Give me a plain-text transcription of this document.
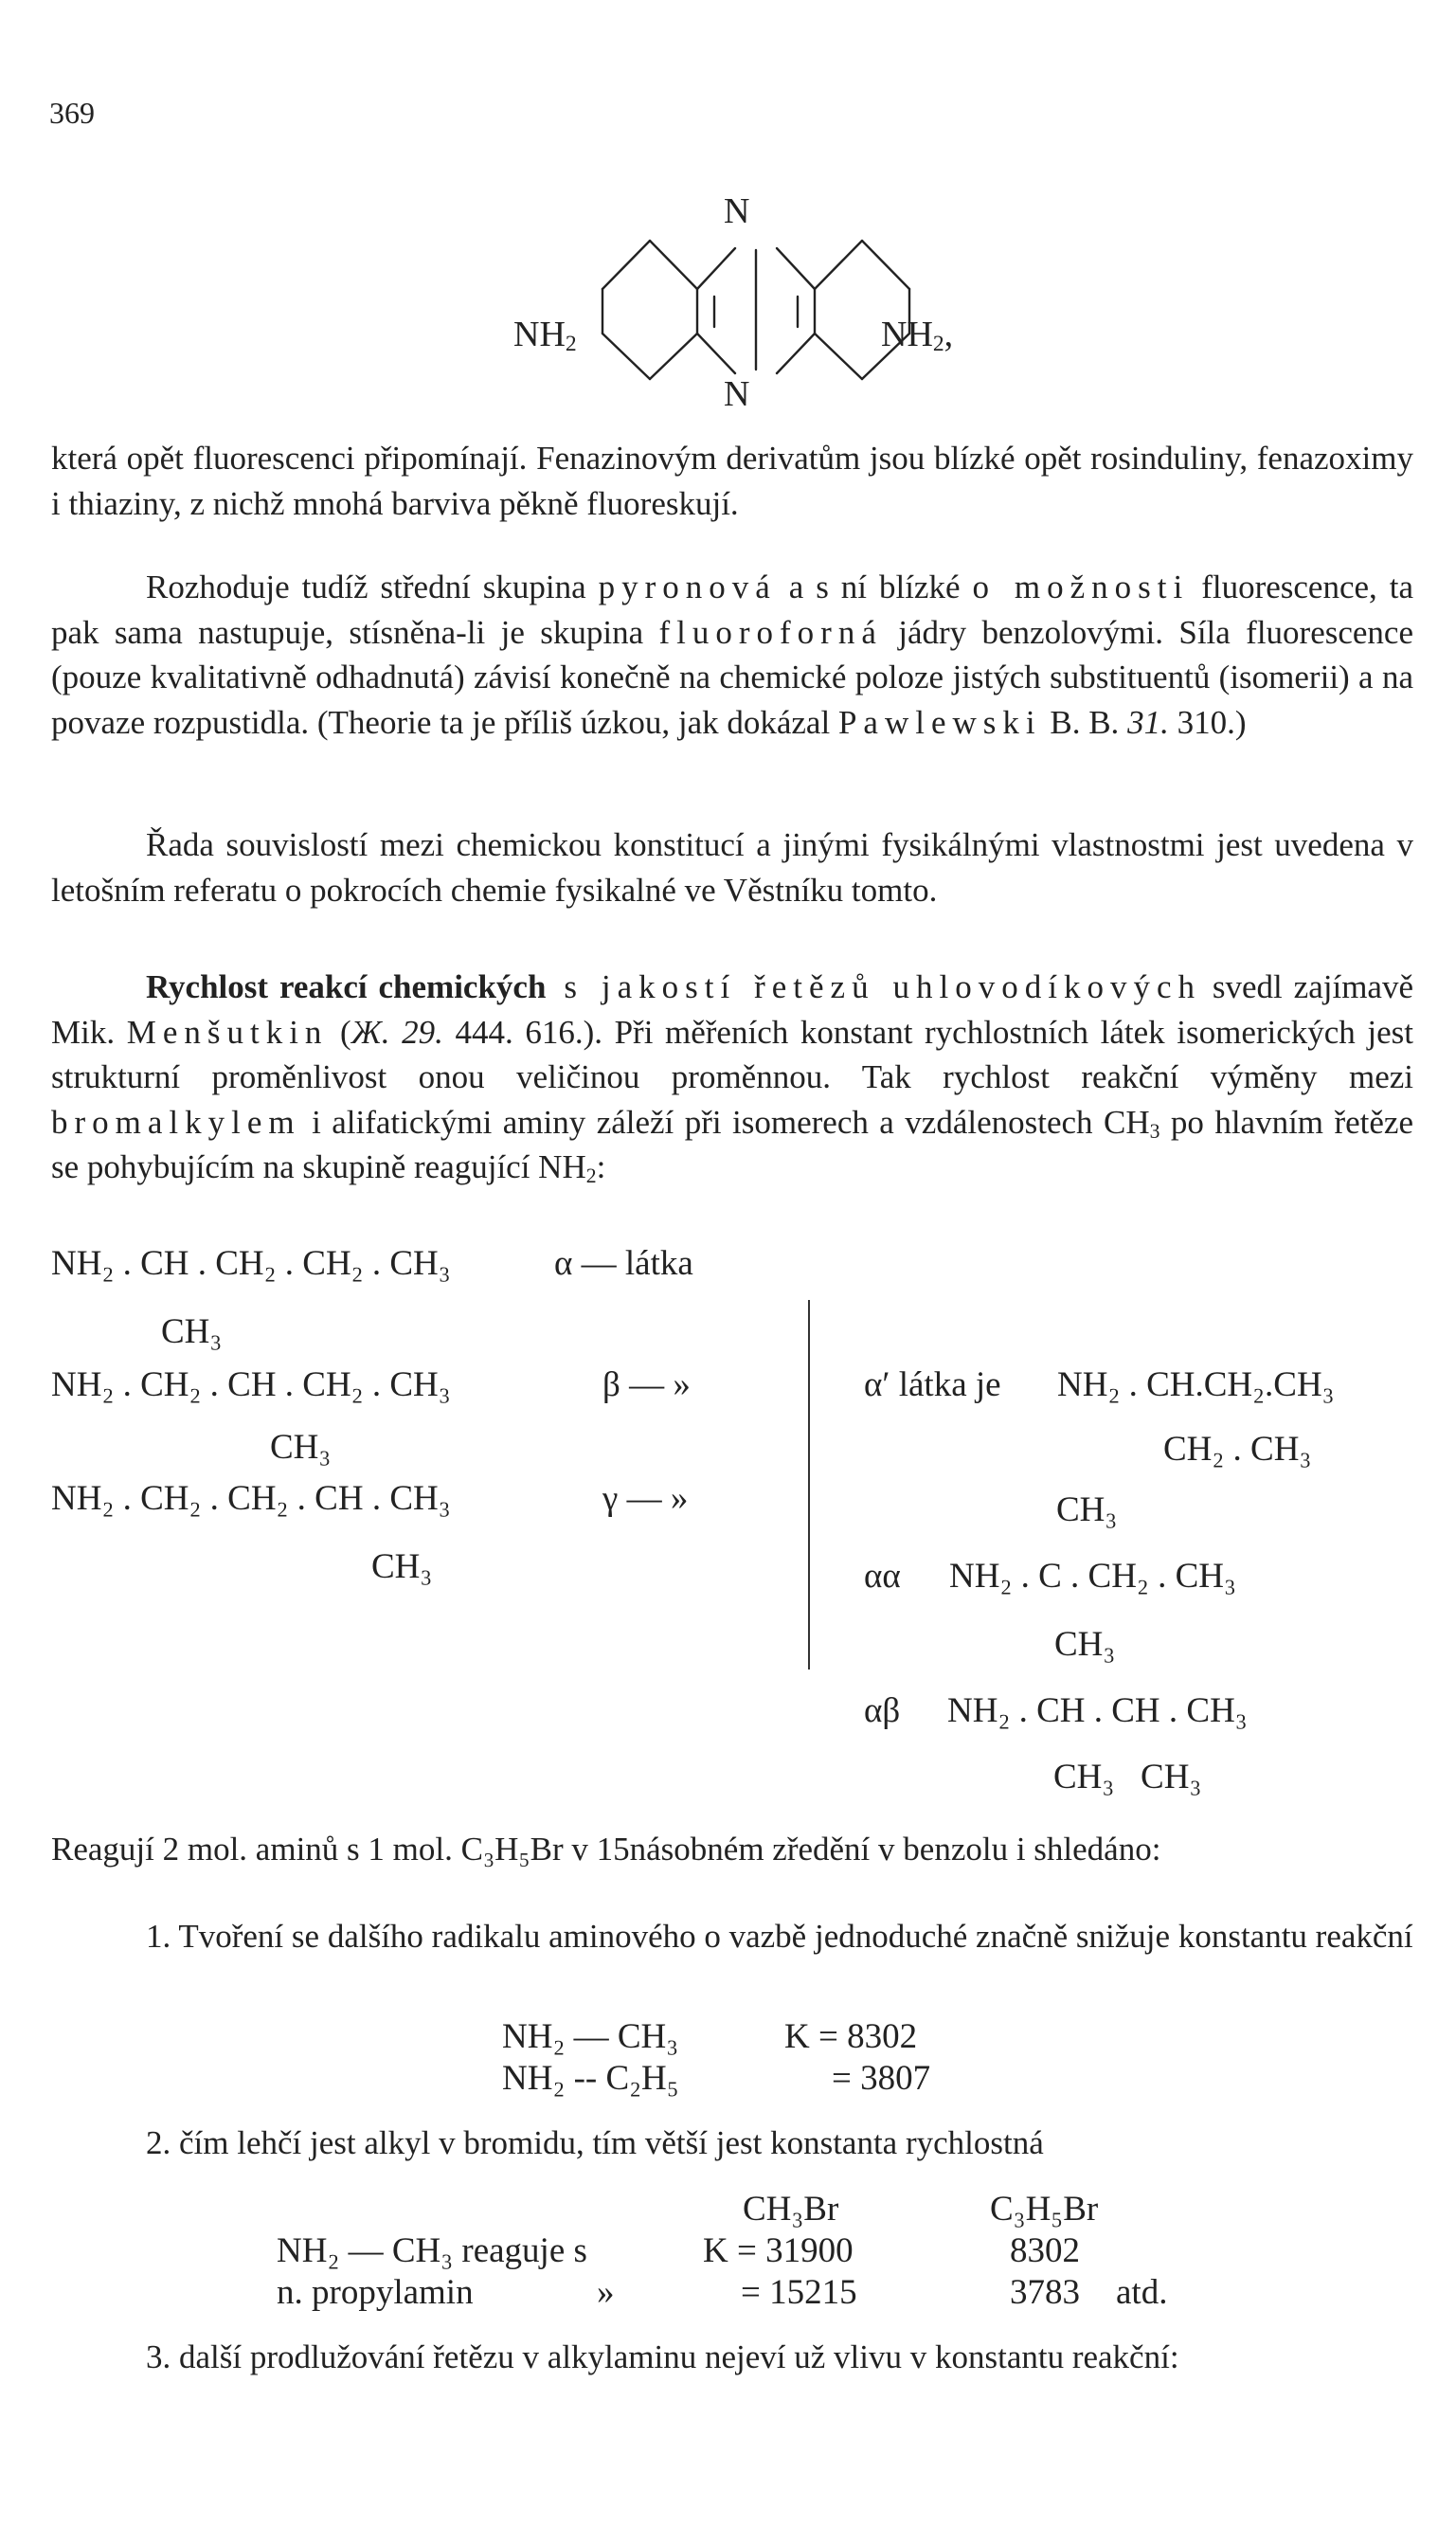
369
N
N
$NH_2$	$NH_2$,
která opět fluorescenci připomínají. Fenazinovým derivatům jsou blízké opět rosinduliny, fenazoximy i thiaziny, z nichž mnohá barviva pěkně fluoreskují.
Rozhoduje tudíž střední skupina pyronová a s ní blízké o možnosti fluorescence, ta pak sama nastupuje, stísněna-li je skupina fluoroforná jádry benzolovými. Síla fluorescence (pouze kvalitativně odhadnutá) závisí konečně na chemické poloze jistých substituentů (isomerii) a na povaze rozpustidla. (Theorie ta je příliš úzkou, jak dokázal Pawlewski B. B. 31. 310.)
Řada souvislostí mezi chemickou konstitucí a jinými fysikálnými vlastnostmi jest uvedena v letošním referatu o pokrocích chemie fysikalné ve Věstníku tomto.
Rychlost reakcí chemických s jakostí řetězů uhlovodíkových svedl zajímavě Mik. Menšutkin (Ж. 29. 444. 616.). Při měřeních konstant rychlostních látek isomerických jest strukturní proměnlivost onou veličinou proměnnou. Tak rychlost reakční výměny mezi bromalkylem i alifatickými aminy záleží při isomerech a vzdálenostech $CH_3$ po hlavním řetěze se pohybujícím na skupině reagující $NH_2$:
NH₂ . CH . CH₂ . CH₂ . CH₃	α — látka
CH₃
NH₂ . CH₂ . CH . CH₂ . CH₃	β — »
CH₃
NH₂ . CH₂ . CH₂ . CH . CH₃	γ — »
CH₃
α′ látka je NH₂ . CH.CH₂.CH₃
CH₂ . CH₃
CH₃
αα NH₂ . C . CH₂ . CH₃
CH₃
αβ NH₂ . CH . CH . CH₃
CH₃   CH₃
Reagují 2 mol. aminů s 1 mol. C₃H₅Br v 15násobném zředění v benzolu i shledáno:
1. Tvoření se dalšího radikalu aminového o vazbě jednoduché značně snižuje konstantu reakční
NH₂ — CH₃	K = 8302
NH₂ -- C₂H₅	= 3807
2. čím lehčí jest alkyl v bromidu, tím větší jest konstanta rychlostná
CH₃Br	C₃H₅Br
NH₂ — CH₃ reaguje s	K = 31900	8302
n. propylamin	»	= 15215	3783 atd.
3. další prodlužování řetězu v alkylaminu nejeví už vlivu v konstantu reakční:
